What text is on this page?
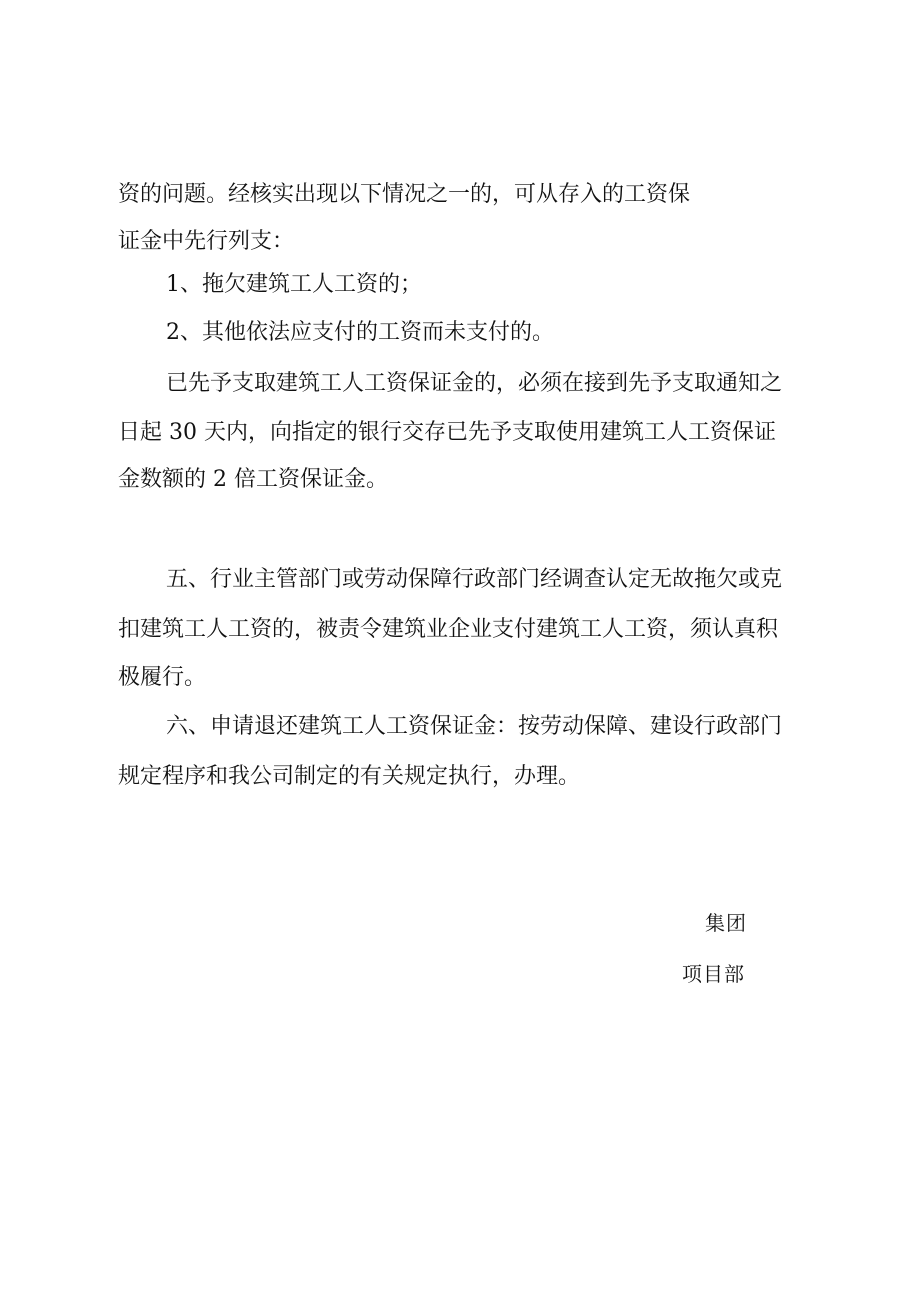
资的问题。经核实出现以下情况之一的，可从存入的工资保
证金中先行列支：
1、拖欠建筑工人工资的；
2、其他依法应支付的工资而未支付的。
已先予支取建筑工人工资保证金的，必须在接到先予支取通知之
日起 30 天内，向指定的银行交存已先予支取使用建筑工人工资保证
金数额的 2 倍工资保证金。
五、行业主管部门或劳动保障行政部门经调查认定无故拖欠或克
扣建筑工人工资的，被责令建筑业企业支付建筑工人工资，须认真积
极履行。
六、申请退还建筑工人工资保证金：按劳动保障、建设行政部门
规定程序和我公司制定的有关规定执行，办理。
集团
项目部
